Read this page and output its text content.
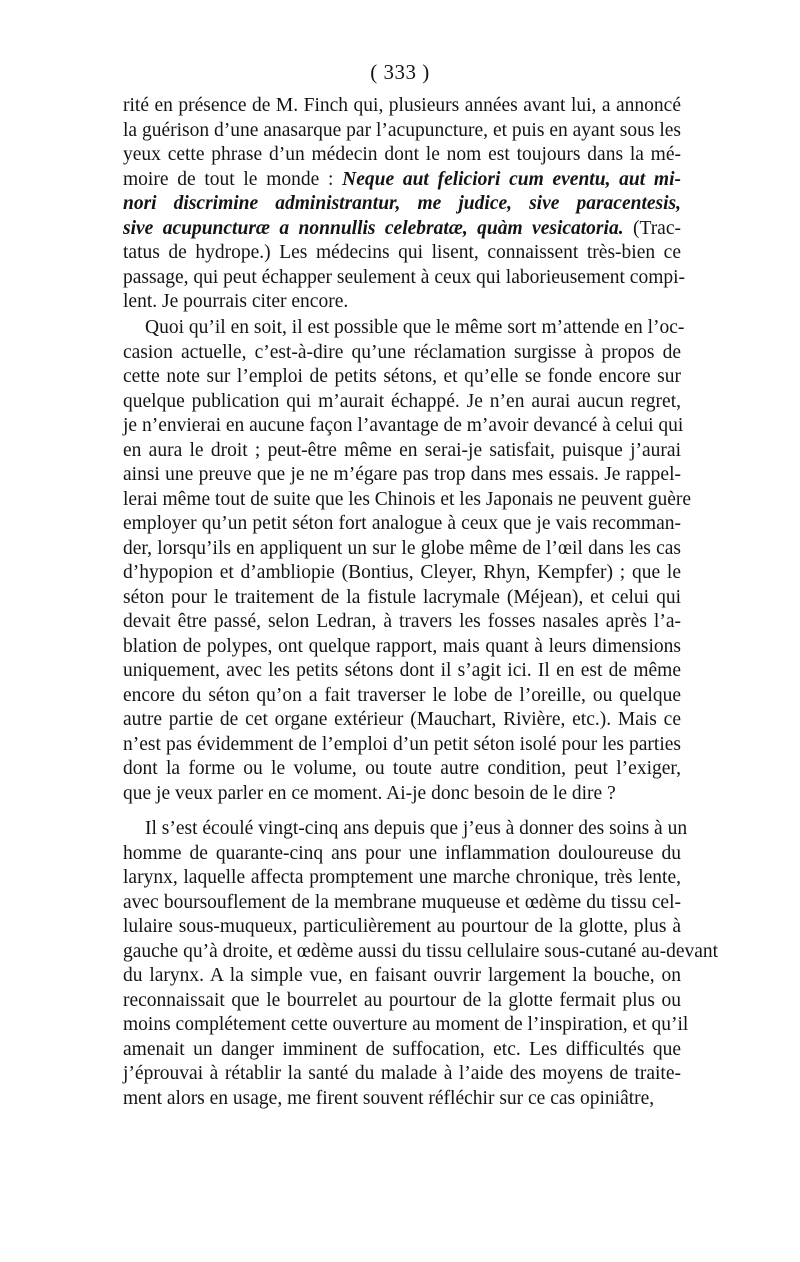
( 333 )
rité en présence de M. Finch qui, plusieurs années avant lui, a annoncé
la guérison d’une anasarque par l’acupuncture, et puis en ayant sous les
yeux cette phrase d’un médecin dont le nom est toujours dans la mé-
moire de tout le monde : Neque aut feliciori cum eventu, aut mi-
nori discrimine administrantur, me judice, sive paracentesis,
sive acupuncturæ a nonnullis celebratæ, quàm vesicatoria. (Trac-
tatus de hydrope.) Les médecins qui lisent, connaissent très-bien ce
passage, qui peut échapper seulement à ceux qui laborieusement compi-
lent. Je pourrais citer encore.
Quoi qu’il en soit, il est possible que le même sort m’attende en l’oc-
casion actuelle, c’est-à-dire qu’une réclamation surgisse à propos de
cette note sur l’emploi de petits sétons, et qu’elle se fonde encore sur
quelque publication qui m’aurait échappé. Je n’en aurai aucun regret,
je n’envierai en aucune façon l’avantage de m’avoir devancé à celui qui
en aura le droit ; peut-être même en serai-je satisfait, puisque j’aurai
ainsi une preuve que je ne m’égare pas trop dans mes essais. Je rappel-
lerai même tout de suite que les Chinois et les Japonais ne peuvent guère
employer qu’un petit séton fort analogue à ceux que je vais recomman-
der, lorsqu’ils en appliquent un sur le globe même de l’œil dans les cas
d’hypopion et d’ambliopie (Bontius, Cleyer, Rhyn, Kempfer) ; que le
séton pour le traitement de la fistule lacrymale (Méjean), et celui qui
devait être passé, selon Ledran, à travers les fosses nasales après l’a-
blation de polypes, ont quelque rapport, mais quant à leurs dimensions
uniquement, avec les petits sétons dont il s’agit ici. Il en est de même
encore du séton qu’on a fait traverser le lobe de l’oreille, ou quelque
autre partie de cet organe extérieur (Mauchart, Rivière, etc.). Mais ce
n’est pas évidemment de l’emploi d’un petit séton isolé pour les parties
dont la forme ou le volume, ou toute autre condition, peut l’exiger,
que je veux parler en ce moment. Ai-je donc besoin de le dire ?
Il s’est écoulé vingt-cinq ans depuis que j’eus à donner des soins à un
homme de quarante-cinq ans pour une inflammation douloureuse du
larynx, laquelle affecta promptement une marche chronique, très lente,
avec boursouflement de la membrane muqueuse et œdème du tissu cel-
lulaire sous-muqueux, particulièrement au pourtour de la glotte, plus à
gauche qu’à droite, et œdème aussi du tissu cellulaire sous-cutané au-devant
du larynx. A la simple vue, en faisant ouvrir largement la bouche, on
reconnaissait que le bourrelet au pourtour de la glotte fermait plus ou
moins complétement cette ouverture au moment de l’inspiration, et qu’il
amenait un danger imminent de suffocation, etc. Les difficultés que
j’éprouvai à rétablir la santé du malade à l’aide des moyens de traite-
ment alors en usage, me firent souvent réfléchir sur ce cas opiniâtre,
